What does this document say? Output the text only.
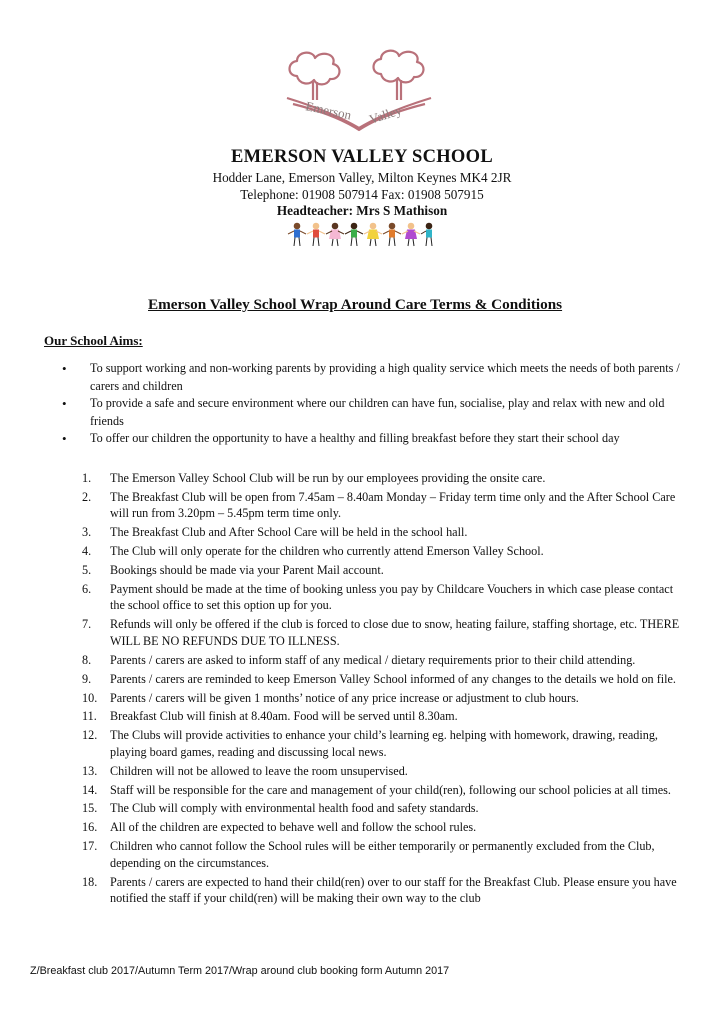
Emerson Valley
EMERSON VALLEY SCHOOL
Hodder Lane, Emerson Valley, Milton Keynes MK4 2JR
Telephone: 01908 507914 Fax: 01908 507915
Headteacher: Mrs S Mathison
Emerson Valley School Wrap Around Care Terms & Conditions
Our School Aims:
• To support working and non-working parents by providing a high quality service which meets the needs of both parents / carers and children
• To provide a safe and secure environment where our children can have fun, socialise, play and relax with new and old friends
• To offer our children the opportunity to have a healthy and filling breakfast before they start their school day
1. The Emerson Valley School Club will be run by our employees providing the onsite care.
2. The Breakfast Club will be open from 7.45am – 8.40am Monday – Friday term time only and the After School Care will run from 3.20pm – 5.45pm term time only.
3. The Breakfast Club and After School Care will be held in the school hall.
4. The Club will only operate for the children who currently attend Emerson Valley School.
5. Bookings should be made via your Parent Mail account.
6. Payment should be made at the time of booking unless you pay by Childcare Vouchers in which case please contact the school office to set this option up for you.
7. Refunds will only be offered if the club is forced to close due to snow, heating failure, staffing shortage, etc. THERE WILL BE NO REFUNDS DUE TO ILLNESS.
8. Parents / carers are asked to inform staff of any medical / dietary requirements prior to their child attending.
9. Parents / carers are reminded to keep Emerson Valley School informed of any changes to the details we hold on file.
10. Parents / carers will be given 1 months’ notice of any price increase or adjustment to club hours.
11. Breakfast Club will finish at 8.40am. Food will be served until 8.30am.
12. The Clubs will provide activities to enhance your child’s learning eg. helping with homework, drawing, reading, playing board games, reading and discussing local news.
13. Children will not be allowed to leave the room unsupervised.
14. Staff will be responsible for the care and management of your child(ren), following our school policies at all times.
15. The Club will comply with environmental health food and safety standards.
16. All of the children are expected to behave well and follow the school rules.
17. Children who cannot follow the School rules will be either temporarily or permanently excluded from the Club, depending on the circumstances.
18. Parents / carers are expected to hand their child(ren) over to our staff for the Breakfast Club. Please ensure you have notified the staff if your child(ren) will be making their own way to the club
Z/Breakfast club 2017/Autumn Term 2017/Wrap around club booking form Autumn 2017
